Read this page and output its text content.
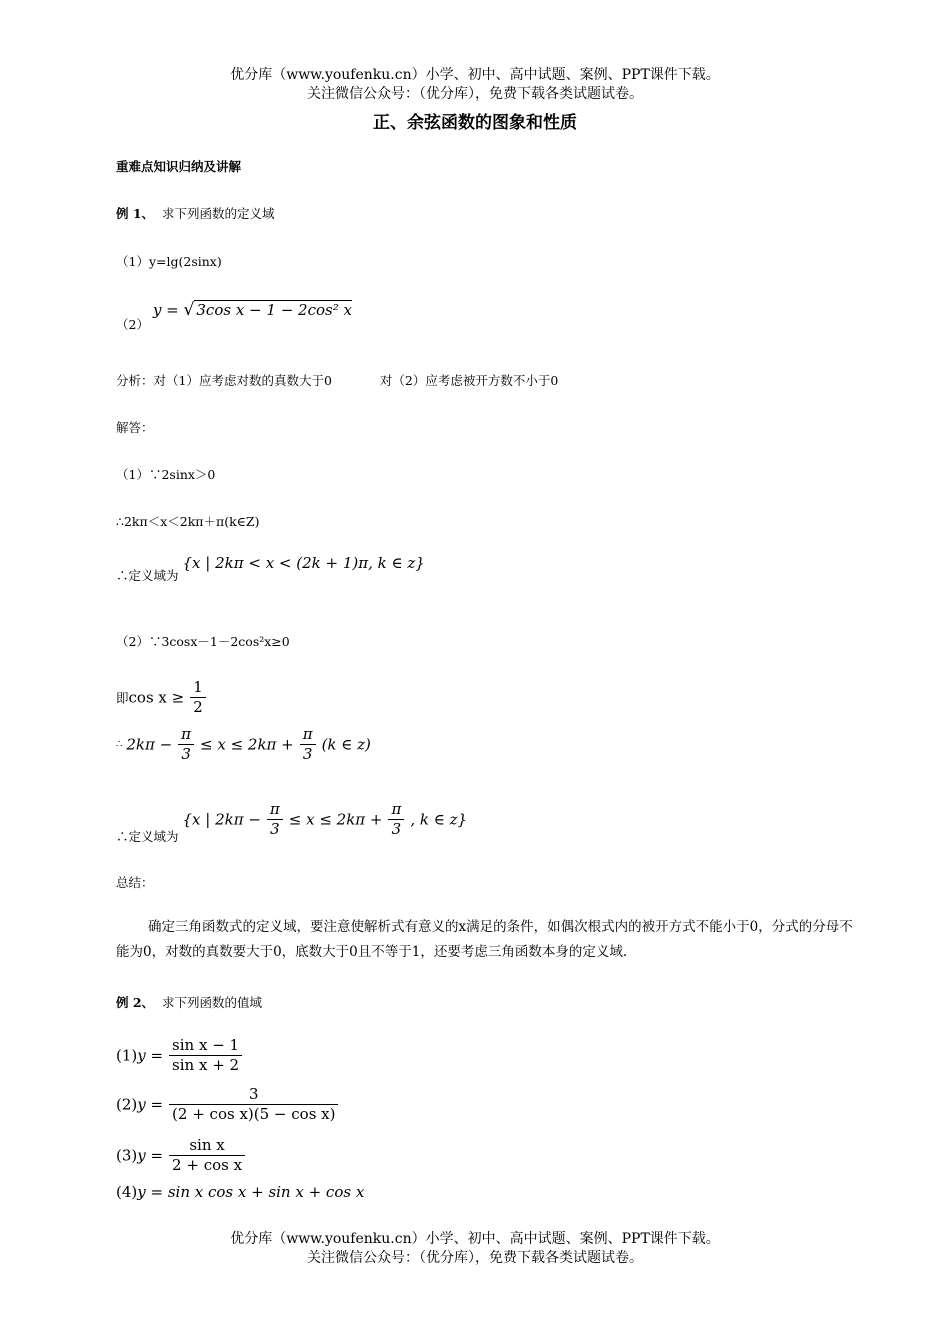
优分库（www.youfenku.cn）小学、初中、高中试题、案例、PPT课件下载。
关注微信公众号：（优分库），免费下载各类试题试卷。
正、余弦函数的图象和性质
重难点知识归纳及讲解
例 1、 求下列函数的定义域
（1）y=lg(2sinx)
（2） y = √ 3cos x − 1 − 2cos² x
分析：对（1）应考虑对数的真数大于0	对（2）应考虑被开方数不小于0
解答：
（1）∵2sinx＞0
∴2kπ＜x＜2kπ＋π(k∈Z)
∴定义域为 {x | 2kπ < x < (2k + 1)π, k ∈ z}
（2）∵3cosx－1－2cos²x≥0
即$\cos x \ge \frac{1}{2}$
∴ $2k\pi - \frac{\pi}{3} \le x \le 2k\pi + \frac{\pi}{3} (k$ ∈ z)
∴定义域为 {x | $2k\pi - \frac{\pi}{3} \le x \le 2k\pi + \frac{\pi}{3}$ , k ∈ z}
总结：
确定三角函数式的定义域，要注意使解析式有意义的x满足的条件，如偶次根式内的被开方式不能小于0，分式的分母不能为0，对数的真数要大于0，底数大于0且不等于1，还要考虑三角函数本身的定义域.
例 2、 求下列函数的值域
$(1)y = \frac{\text{sin x − 1}}{\text{sin x + 2}}$
$(2)y = \frac{3}{\text{(2 + cos x)(5 − cos x)}}$
$(3)y = \frac{\text{sin x}}{\text{2 + cos x}}$
(4)y = sin x cos x + sin x + cos x
优分库（www.youfenku.cn）小学、初中、高中试题、案例、PPT课件下载。
关注微信公众号：（优分库），免费下载各类试题试卷。
